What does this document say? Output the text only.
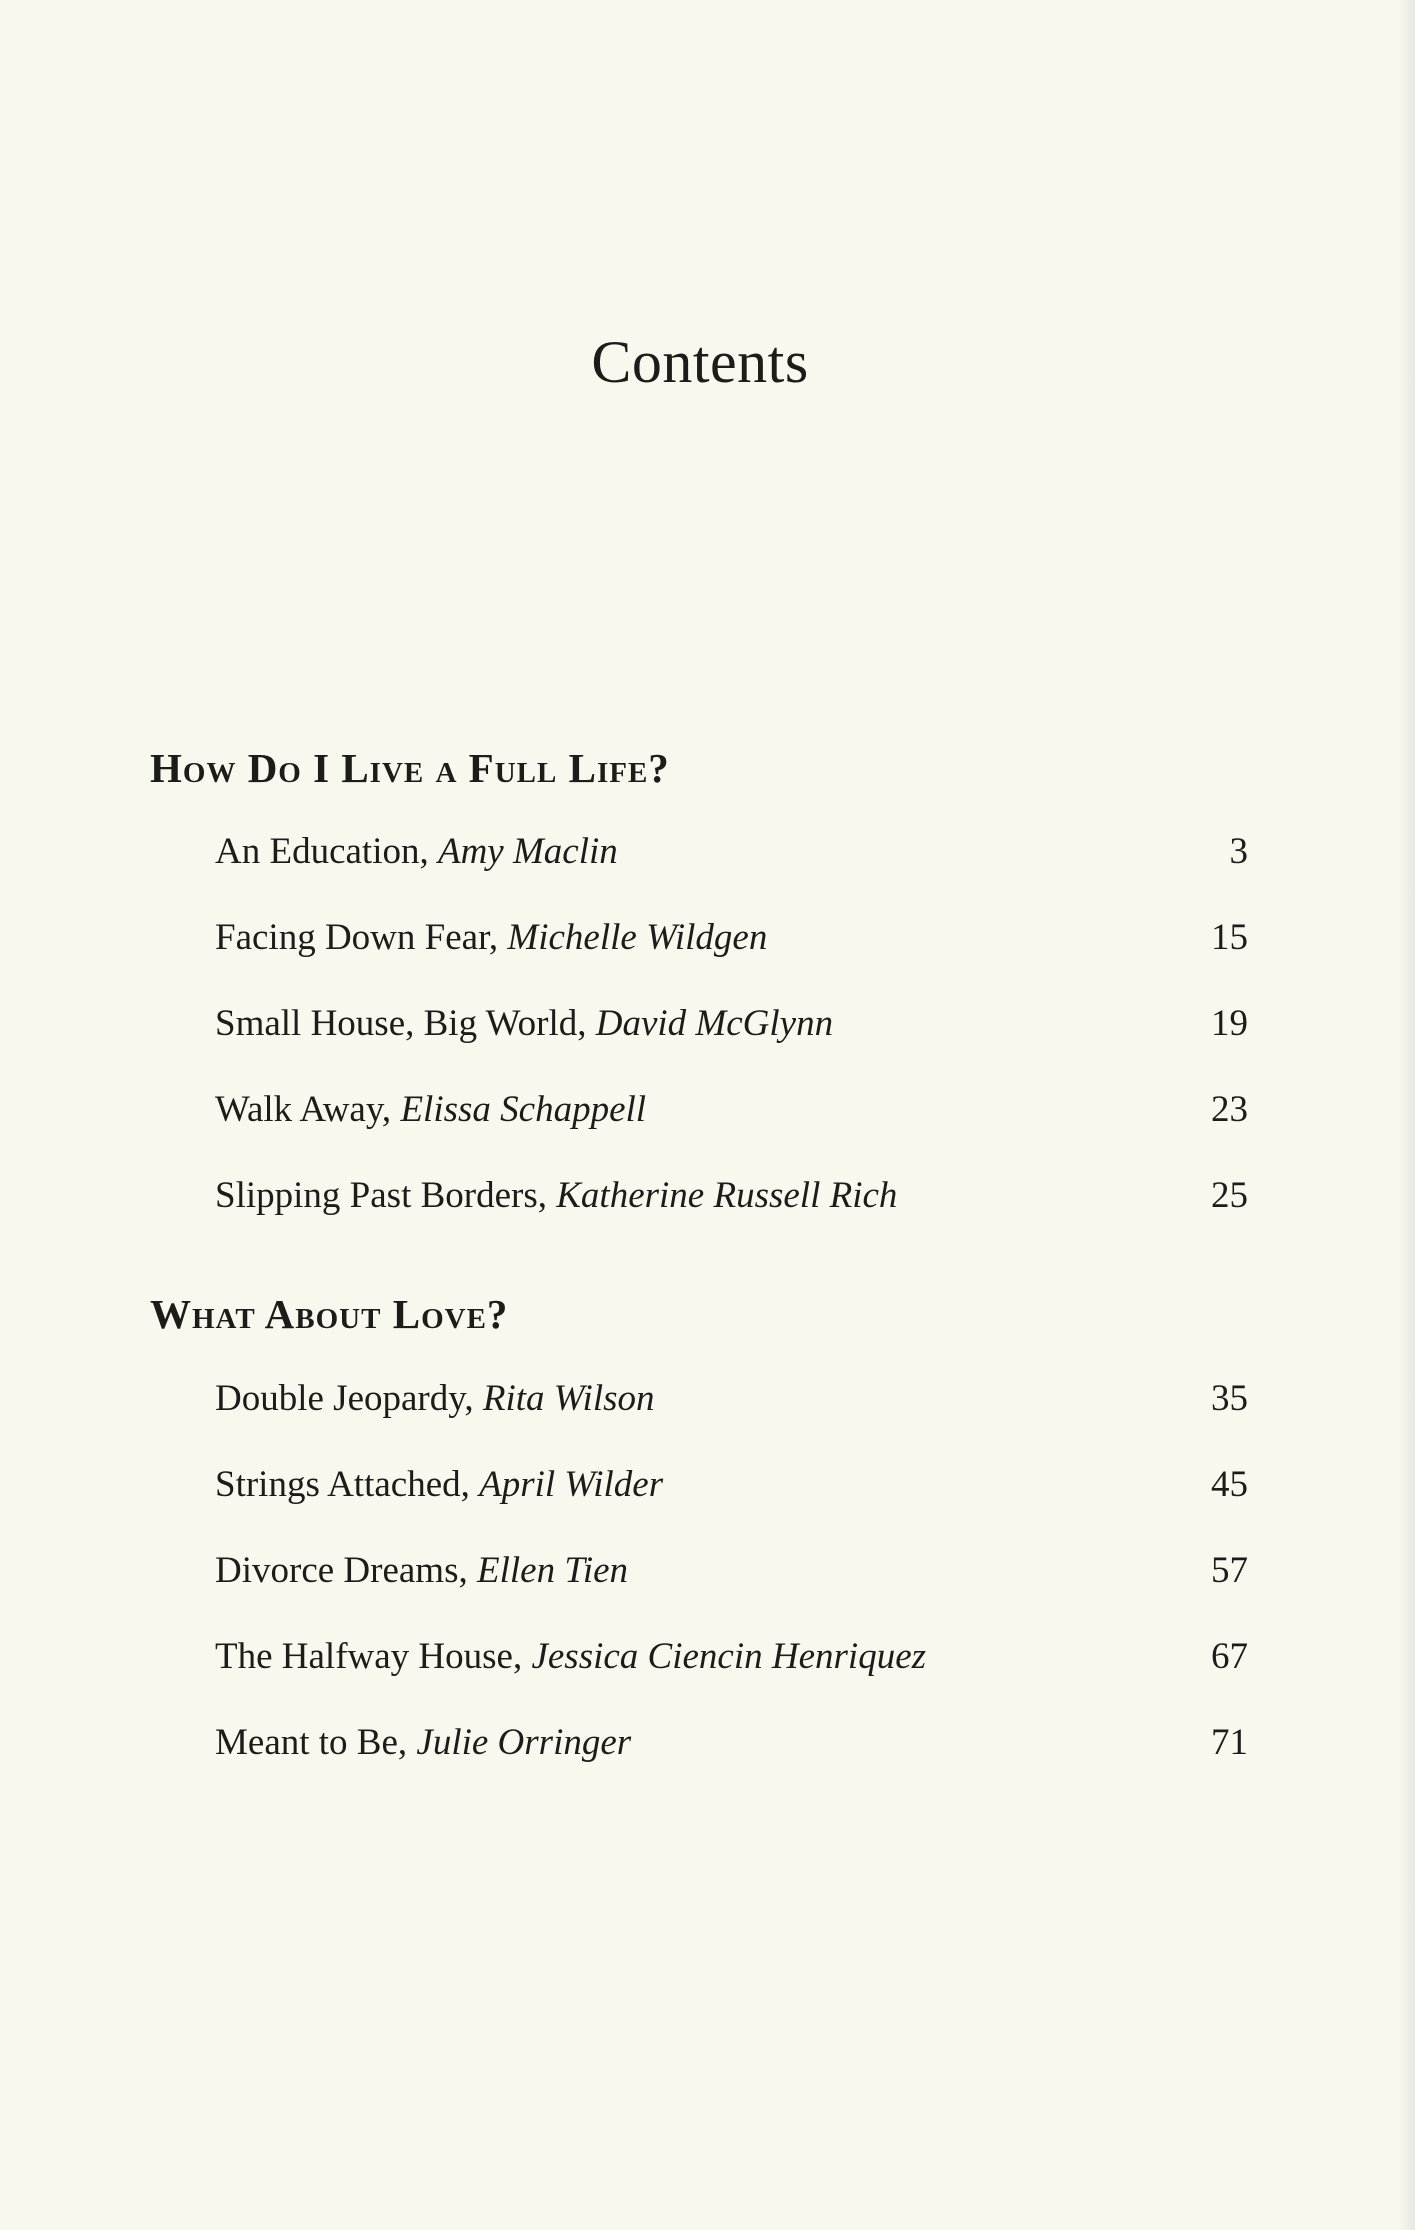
Contents
How Do I Live a Full Life?
An Education, Amy Maclin	3
Facing Down Fear, Michelle Wildgen	15
Small House, Big World, David McGlynn	19
Walk Away, Elissa Schappell	23
Slipping Past Borders, Katherine Russell Rich	25
What About Love?
Double Jeopardy, Rita Wilson	35
Strings Attached, April Wilder	45
Divorce Dreams, Ellen Tien	57
The Halfway House, Jessica Ciencin Henriquez	67
Meant to Be, Julie Orringer	71
